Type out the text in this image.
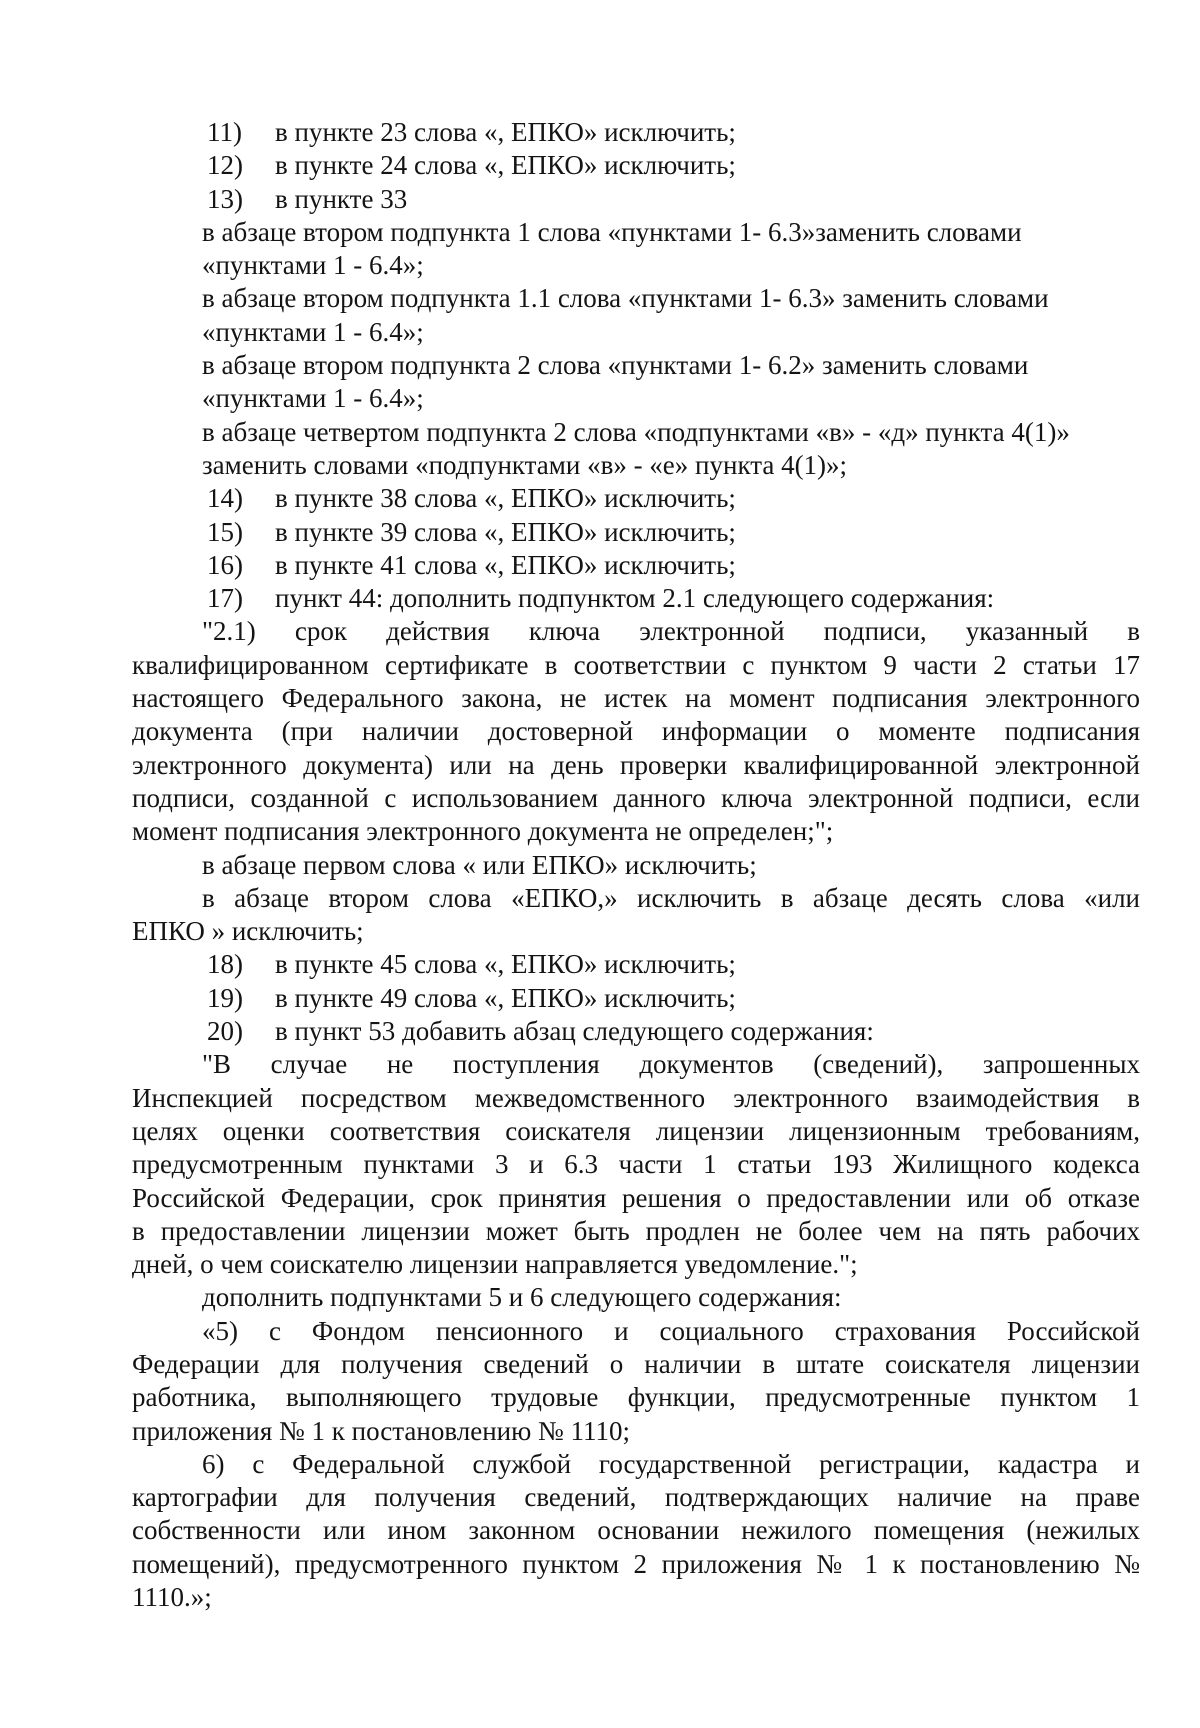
11) в пункте 23 слова «, ЕПКО» исключить;
12) в пункте 24 слова «, ЕПКО» исключить;
13) в пункте 33
в абзаце втором подпункта 1 слова «пунктами 1- 6.3»заменить словами
«пунктами 1 - 6.4»;
в абзаце втором подпункта 1.1 слова «пунктами 1- 6.3» заменить словами
«пунктами 1 - 6.4»;
в абзаце втором подпункта 2 слова «пунктами 1- 6.2» заменить словами
«пунктами 1 - 6.4»;
в абзаце четвертом подпункта 2 слова «подпунктами «в» - «д» пункта 4(1)»
заменить словами «подпунктами «в» - «е» пункта 4(1)»;
14) в пункте 38 слова «, ЕПКО» исключить;
15) в пункте 39 слова «, ЕПКО» исключить;
16) в пункте 41 слова «, ЕПКО» исключить;
17) пункт 44: дополнить подпунктом 2.1 следующего содержания:
"2.1) срок действия ключа электронной подписи, указанный в
квалифицированном сертификате в соответствии с пунктом 9 части 2 статьи 17
настоящего Федерального закона, не истек на момент подписания электронного
документа (при наличии достоверной информации о моменте подписания
электронного документа) или на день проверки квалифицированной электронной
подписи, созданной с использованием данного ключа электронной подписи, если
момент подписания электронного документа не определен;";
в абзаце первом слова « или ЕПКО» исключить;
в абзаце втором слова «ЕПКО,» исключить в абзаце десять слова «или
ЕПКО » исключить;
18) в пункте 45 слова «, ЕПКО» исключить;
19) в пункте 49 слова «, ЕПКО» исключить;
20) в пункт 53 добавить абзац следующего содержания:
"В случае не поступления документов (сведений), запрошенных
Инспекцией посредством межведомственного электронного взаимодействия в
целях оценки соответствия соискателя лицензии лицензионным требованиям,
предусмотренным пунктами 3 и 6.3 части 1 статьи 193 Жилищного кодекса
Российской Федерации, срок принятия решения о предоставлении или об отказе
в предоставлении лицензии может быть продлен не более чем на пять рабочих
дней, о чем соискателю лицензии направляется уведомление.";
дополнить подпунктами 5 и 6 следующего содержания:
«5) с Фондом пенсионного и социального страхования Российской
Федерации для получения сведений о наличии в штате соискателя лицензии
работника, выполняющего трудовые функции, предусмотренные пунктом 1
приложения № 1 к постановлению № 1110;
6) с Федеральной службой государственной регистрации, кадастра и
картографии для получения сведений, подтверждающих наличие на праве
собственности или ином законном основании нежилого помещения (нежилых
помещений), предусмотренного пунктом 2 приложения № 1 к постановлению №
1110.»;
